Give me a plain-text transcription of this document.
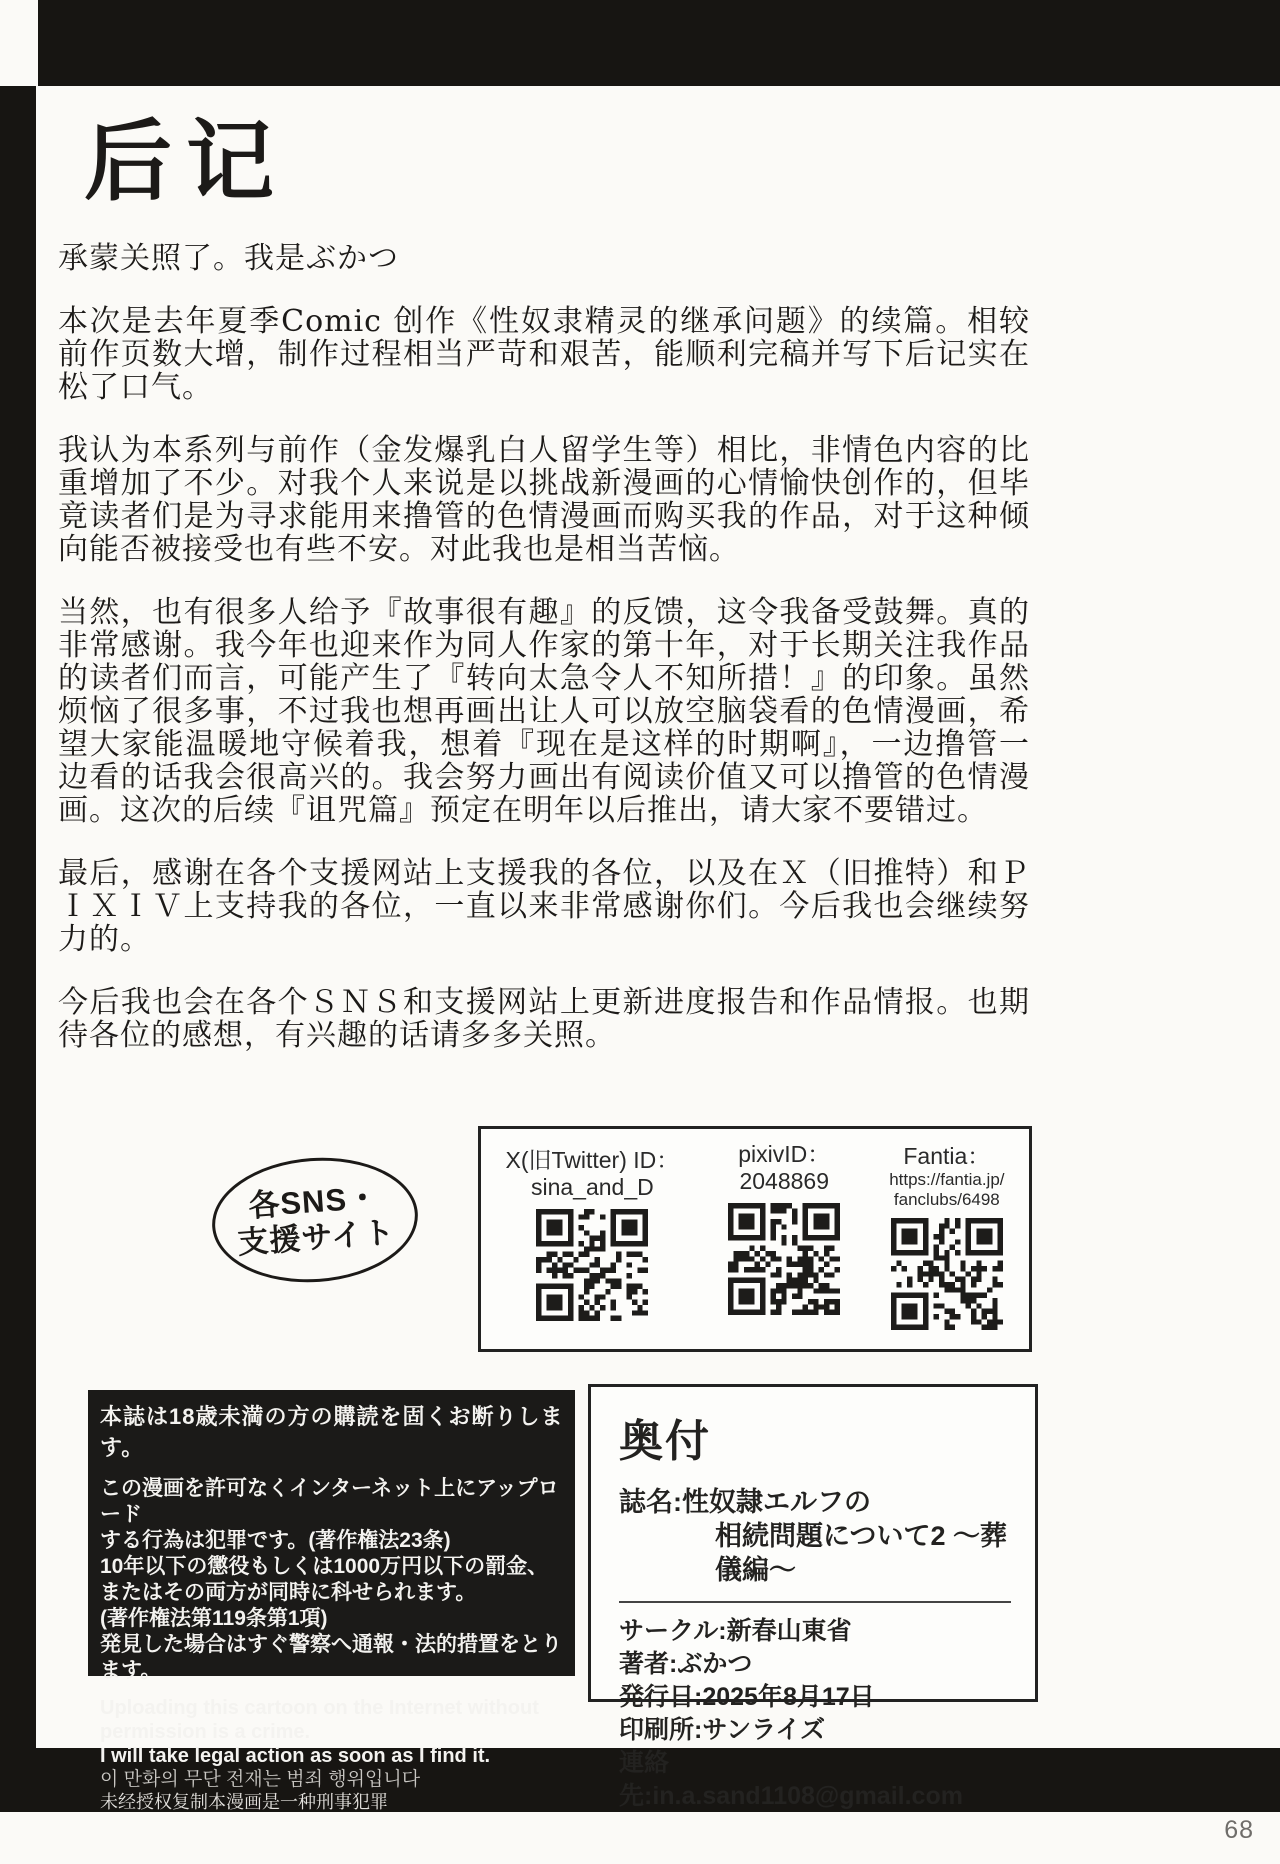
后记

承蒙关照了。我是ぶかつ

本次是去年夏季Comic 创作《性奴隶精灵的继承问题》的续篇。相较前作页数大增，制作过程相当严苛和艰苦，能顺利完稿并写下后记实在松了口气。

我认为本系列与前作（金发爆乳白人留学生等）相比，非情色内容的比重增加了不少。对我个人来说是以挑战新漫画的心情愉快创作的，但毕竟读者们是为寻求能用来撸管的色情漫画而购买我的作品，对于这种倾向能否被接受也有些不安。对此我也是相当苦恼。

当然，也有很多人给予『故事很有趣』的反馈，这令我备受鼓舞。真的非常感谢。我今年也迎来作为同人作家的第十年，对于长期关注我作品的读者们而言，可能产生了『转向太急令人不知所措！』的印象。虽然烦恼了很多事，不过我也想再画出让人可以放空脑袋看的色情漫画，希望大家能温暖地守候着我，想着『现在是这样的时期啊』，一边撸管一边看的话我会很高兴的。我会努力画出有阅读价值又可以撸管的色情漫画。这次的后续『诅咒篇』预定在明年以后推出，请大家不要错过。

最后，感谢在各个支援网站上支援我的各位，以及在Ｘ（旧推特）和ＰＩＸＩＶ上支持我的各位，一直以来非常感谢你们。今后我也会继续努力的。

今后我也会在各个ＳＮＳ和支援网站上更新进度报告和作品情报。也期待各位的感想，有兴趣的话请多多关照。

各SNS・
支援サイト
X(旧Twitter) ID：
sina_and_D
pixivID：
2048869
Fantia：
https://fantia.jp/
fanclubs/6498
本誌は18歳未満の方の購読を固くお断りします。
この漫画を許可なくインターネット上にアップロード
する行為は犯罪です。(著作権法23条)
10年以下の懲役もしくは1000万円以下の罰金、
またはその両方が同時に科せられます。
(著作権法第119条第1項)
発見した場合はすぐ警察へ通報・法的措置をとります。
Uploading this cartoon on the Internet without
permission is a crime.
I will take legal action as soon as I find it.
이 만화의 무단 전재는 범죄 행위입니다
未经授权复制本漫画是一种刑事犯罪
奥付
誌名:性奴隷エルフの
相続問題について2 ～葬儀編～
サークル:新春山東省
著者:ぶかつ
発行日:2025年8月17日
印刷所:サンライズ
連絡先:in.a.sand1108@gmail.com
68
